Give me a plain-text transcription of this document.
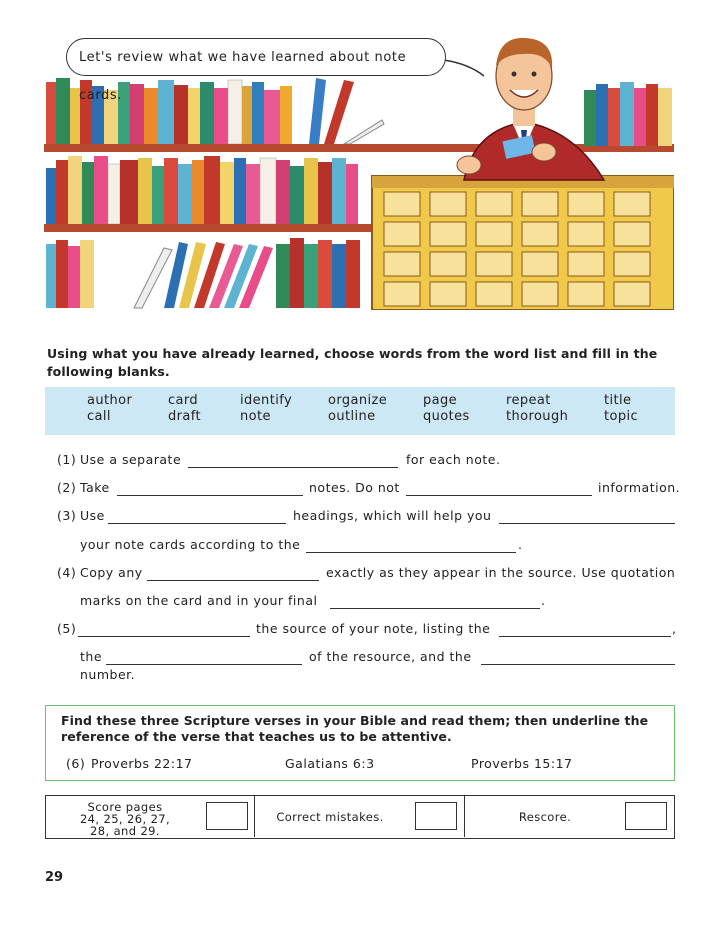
Let's review what we have learned about note cards.
Using what you have already learned, choose words from the word list and fill in the following blanks.
author	card	identify	organize	page	repeat	title
call	draft	note	outline	quotes	thorough	topic
(1) Use a separate	for each note.
(2) Take	notes. Do not	information.
(3) Use	headings, which will help you
your note cards according to the	.
(4) Copy any	exactly as they appear in the source. Use quotation
marks on the card and in your final	.
(5)	the source of your note, listing the	,
the	of the resource, and the
number.
Find these three Scripture verses in your Bible and read them; then underline the reference of the verse that teaches us to be attentive.
(6) Proverbs 22:17	Galatians 6:3	Proverbs 15:17
Score pages
24, 25, 26, 27,
28, and 29.
Correct mistakes.	Rescore.
29
